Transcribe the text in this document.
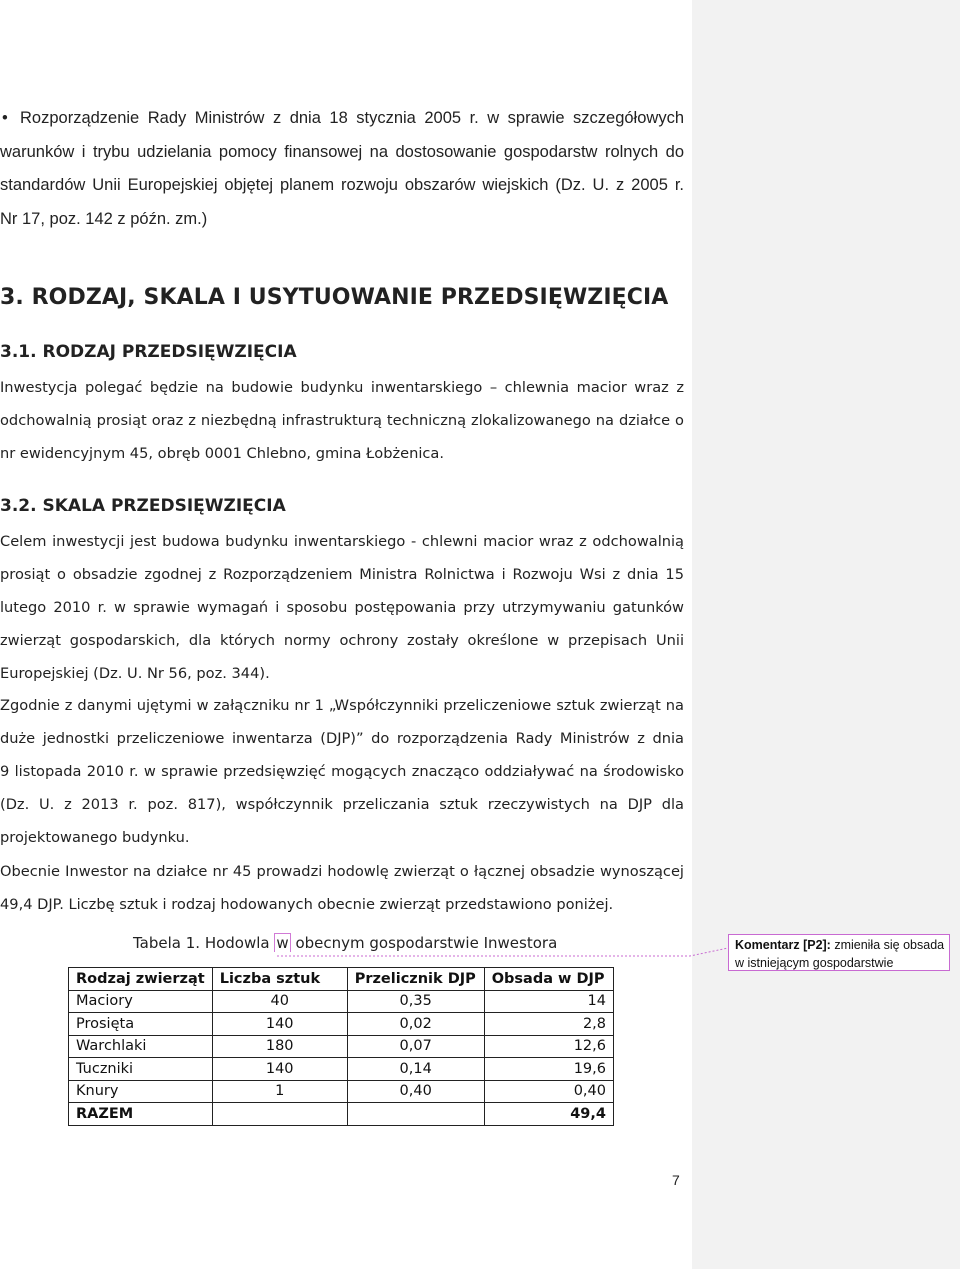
• Rozporządzenie Rady Ministrów z dnia 18 stycznia 2005 r. w sprawie szczegółowych
warunków i trybu udzielania pomocy finansowej na dostosowanie gospodarstw rolnych do
standardów Unii Europejskiej objętej planem rozwoju obszarów wiejskich (Dz. U. z 2005 r.
Nr 17, poz. 142 z późn. zm.)
3. RODZAJ, SKALA I USYTUOWANIE PRZEDSIĘWZIĘCIA
3.1. RODZAJ PRZEDSIĘWZIĘCIA
Inwestycja polegać będzie na budowie budynku inwentarskiego – chlewnia macior wraz z
odchowalnią prosiąt oraz z niezbędną infrastrukturą techniczną zlokalizowanego na działce o
nr ewidencyjnym 45, obręb 0001 Chlebno, gmina Łobżenica.
3.2. SKALA PRZEDSIĘWZIĘCIA
Celem inwestycji jest budowa budynku inwentarskiego - chlewni macior wraz z odchowalnią
prosiąt o obsadzie zgodnej z Rozporządzeniem Ministra Rolnictwa i Rozwoju Wsi z dnia 15
lutego 2010 r. w sprawie wymagań i sposobu postępowania przy utrzymywaniu gatunków
zwierząt gospodarskich, dla których normy ochrony zostały określone w przepisach Unii
Europejskiej (Dz. U. Nr 56, poz. 344).
Zgodnie z danymi ujętymi w załączniku nr 1 „Współczynniki przeliczeniowe sztuk zwierząt na
duże jednostki przeliczeniowe inwentarza (DJP)” do rozporządzenia Rady Ministrów z dnia
9 listopada 2010 r. w sprawie przedsięwzięć mogących znacząco oddziaływać na środowisko
(Dz. U. z 2013 r. poz. 817), współczynnik przeliczania sztuk rzeczywistych na DJP dla
projektowanego budynku.
Obecnie Inwestor na działce nr 45 prowadzi hodowlę zwierząt o łącznej obsadzie wynoszącej
49,4 DJP. Liczbę sztuk i rodzaj hodowanych obecnie zwierząt przedstawiono poniżej.
Tabela 1. Hodowla w obecnym gospodarstwie Inwestora
Rodzaj zwierząt	Liczba sztuk	Przelicznik DJP	Obsada w DJP
Maciory	40	0,35	14
Prosięta	140	0,02	2,8
Warchlaki	180	0,07	12,6
Tuczniki	140	0,14	19,6
Knury	1	0,40	0,40
RAZEM			49,4
Komentarz [P2]: zmieniła się obsada w istniejącym gospodarstwie
7
